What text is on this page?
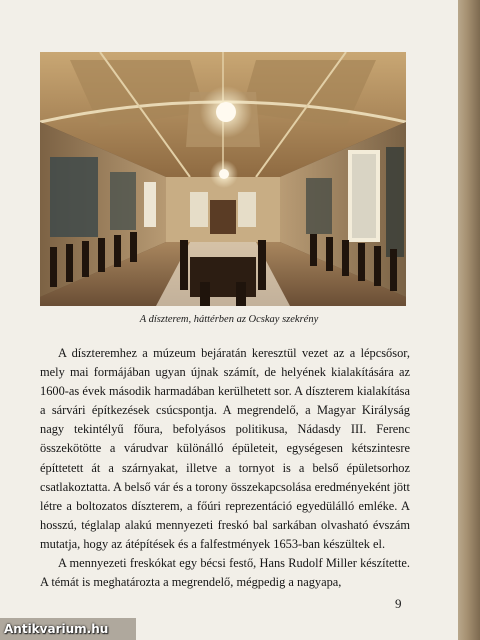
A díszterem, háttérben az Ocskay szekrény

A díszteremhez a múzeum bejáratán keresztül vezet az a lépcsősor, mely mai formájában ugyan újnak számít, de helyének kialakítására az 1600-as évek második harmadában kerülhetett sor. A díszterem kialakítása a sárvári építkezések csúcspontja. A megrendelő, a Magyar Királyság nagy tekintélyű főura, befolyásos politikusa, Nádasdy III. Ferenc összekötötte a várudvar különálló épületeit, egységesen kétszintesre építtetett át a szárnyakat, illetve a tornyot is a belső épületsorhoz csatlakoztatta. A belső vár és a torony összekapcsolása eredményeként jött létre a boltozatos díszterem, a főúri reprezentáció egyedülálló emléke. A hosszú, téglalap alakú mennyezeti freskó bal sarkában olvasható évszám mutatja, hogy az átépítések és a falfestmények 1653-ban készültek el.

A mennyezeti freskókat egy bécsi festő, Hans Rudolf Miller készítette. A témát is meghatározta a megrendelő, mégpedig a nagyapa,

9
Antikvarium.hu
